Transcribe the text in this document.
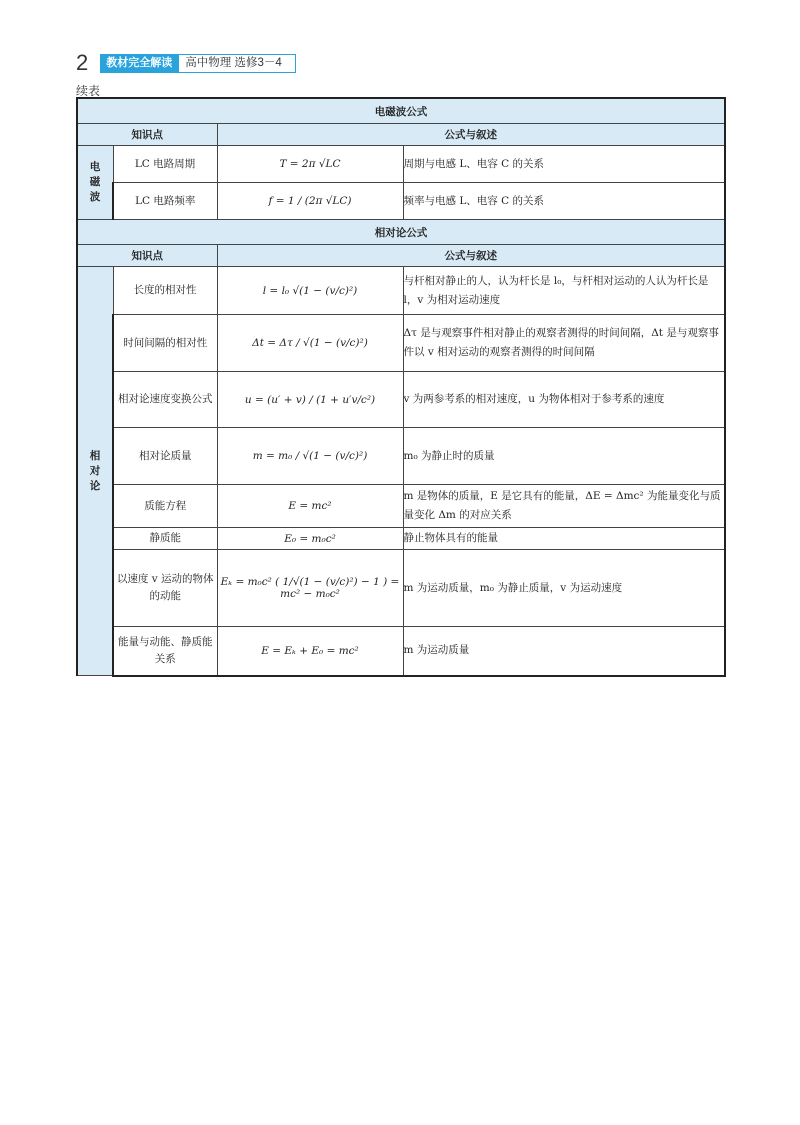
2	教材完全解读	高中物理 选修3－4
续表
电磁波公式			
知识点		公式与叙述	
电磁波	LC 电路周期	T = 2π √LC	周期与电感 L、电容 C 的关系
	LC 电路频率	f = 1 / (2π √LC)	频率与电感 L、电容 C 的关系
相对论公式			
知识点		公式与叙述	
相对论	长度的相对性	l = l₀ √(1 − (v/c)²)	与杆相对静止的人，认为杆长是 l₀，与杆相对运动的人认为杆长是 l，v 为相对运动速度
	时间间隔的相对性	Δt = Δτ / √(1 − (v/c)²)	Δτ 是与观察事件相对静止的观察者测得的时间间隔，Δt 是与观察事件以 v 相对运动的观察者测得的时间间隔
	相对论速度变换公式	u = (u′ + v) / (1 + u′v/c²)	v 为两参考系的相对速度，u 为物体相对于参考系的速度
	相对论质量	m = m₀ / √(1 − (v/c)²)	m₀ 为静止时的质量
	质能方程	E = mc²	m 是物体的质量，E 是它具有的能量，ΔE = Δmc² 为能量变化与质量变化 Δm 的对应关系
	静质能	E₀ = m₀c²	静止物体具有的能量
	以速度 v 运动的物体的动能	Eₖ = m₀c² ( 1/√(1 − (v/c)²) − 1 ) = mc² − m₀c²	m 为运动质量，m₀ 为静止质量，v 为运动速度
	能量与动能、静质能关系	E = Eₖ + E₀ = mc²	m 为运动质量
